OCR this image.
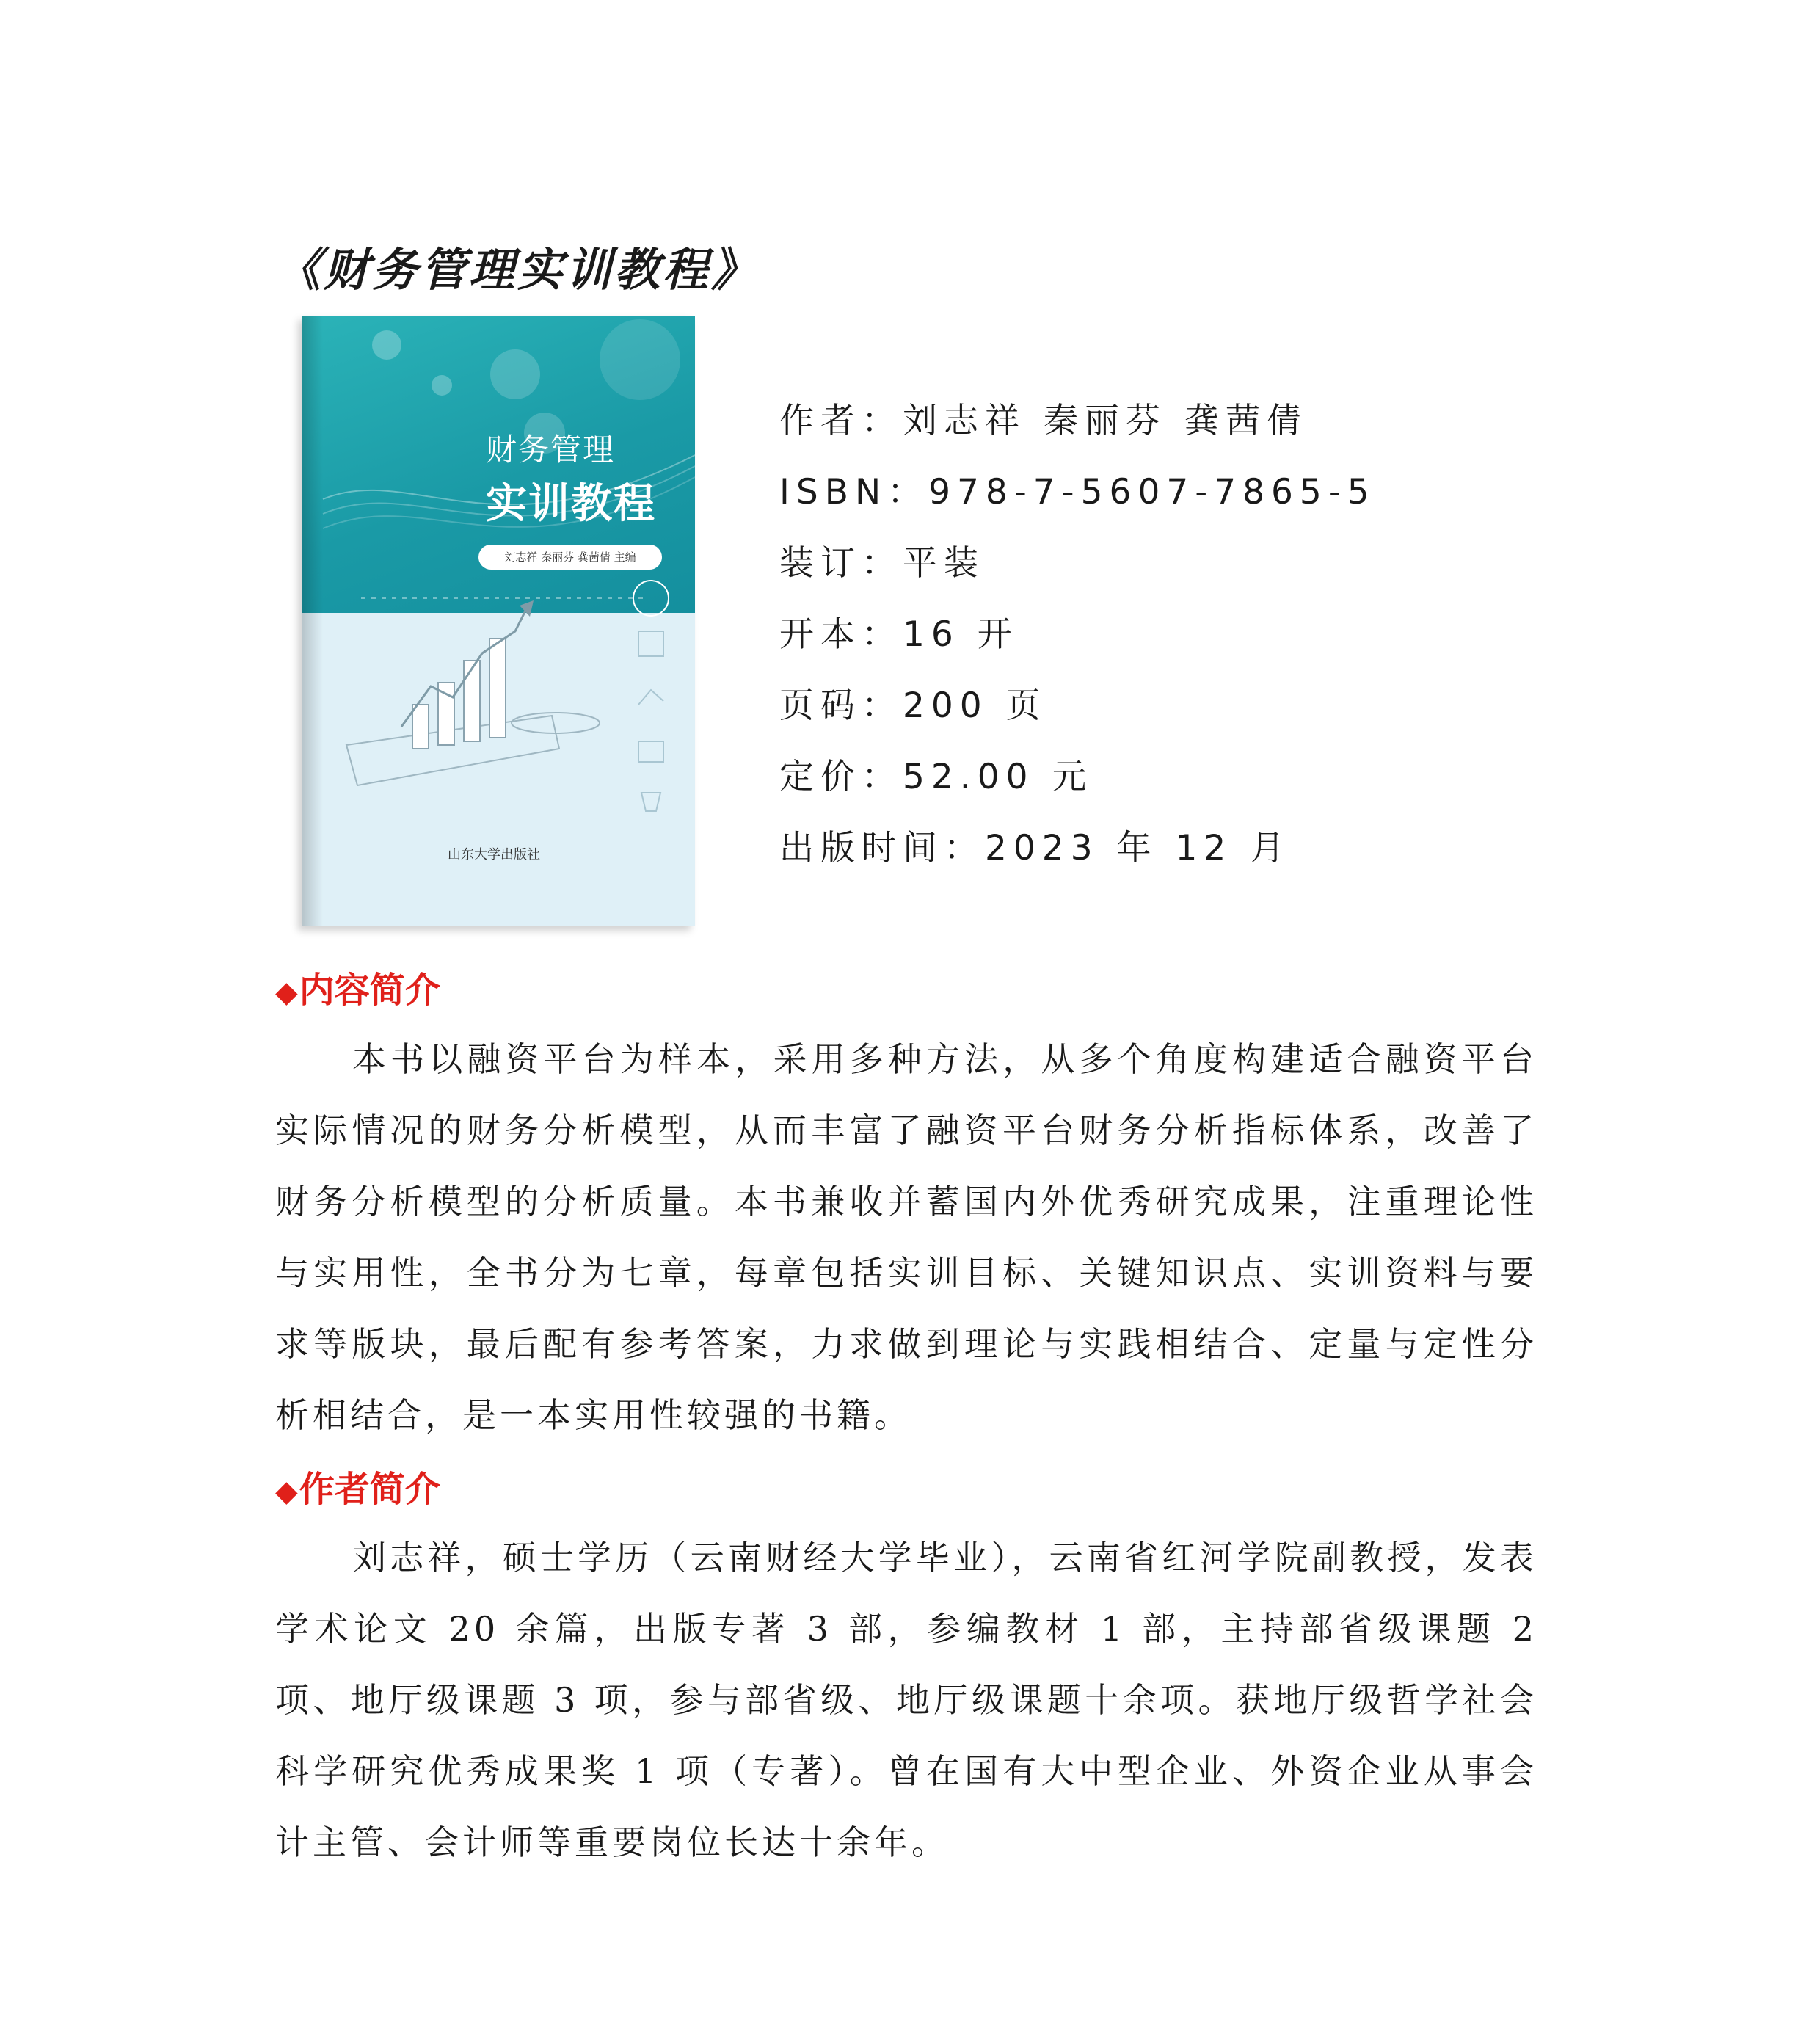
《财务管理实训教程》
财务管理
实训教程
刘志祥 秦丽芬 龚茜倩 主编
山东大学出版社
作者：刘志祥 秦丽芬 龚茜倩
ISBN：978-7-5607-7865-5
装订：平装
开本：16 开
页码：200 页
定价：52.00 元
出版时间：2023 年 12 月
◆内容简介
本书以融资平台为样本，采用多种方法，从多个角度构建适合融资平台实际情况的财务分析模型，从而丰富了融资平台财务分析指标体系，改善了财务分析模型的分析质量。本书兼收并蓄国内外优秀研究成果，注重理论性与实用性，全书分为七章，每章包括实训目标、关键知识点、实训资料与要求等版块，最后配有参考答案，力求做到理论与实践相结合、定量与定性分析相结合，是一本实用性较强的书籍。
◆作者简介
刘志祥，硕士学历（云南财经大学毕业），云南省红河学院副教授，发表学术论文 20 余篇，出版专著 3 部，参编教材 1 部，主持部省级课题 2 项、地厅级课题 3 项，参与部省级、地厅级课题十余项。获地厅级哲学社会科学研究优秀成果奖 1 项（专著）。曾在国有大中型企业、外资企业从事会计主管、会计师等重要岗位长达十余年。
